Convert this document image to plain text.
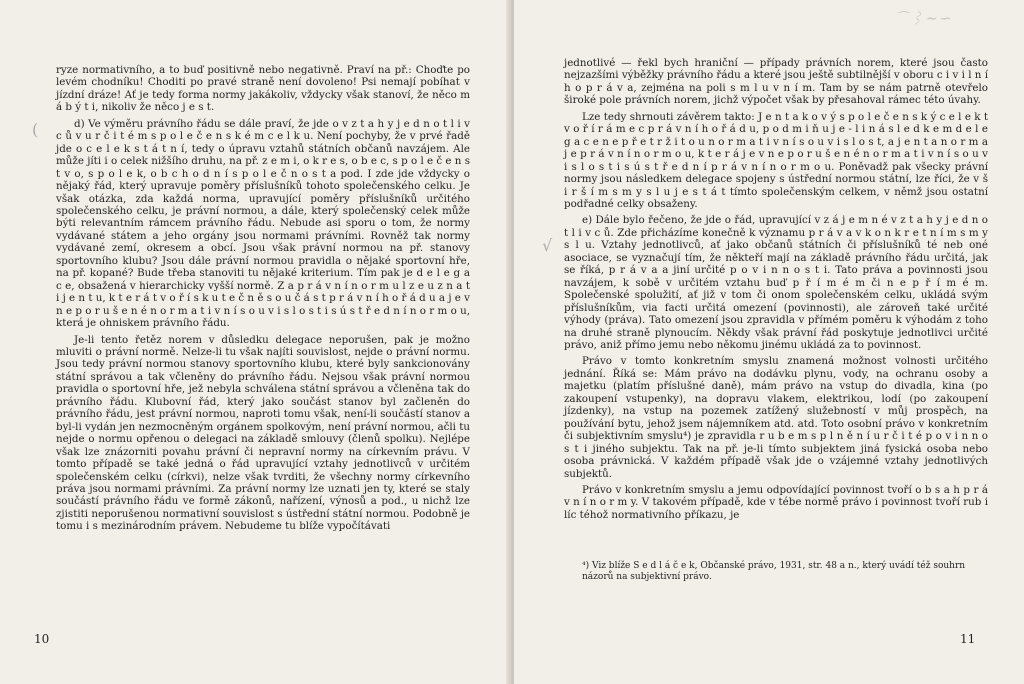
ryze normativního, a to buď positivně nebo negativně. Praví na př.: Choďte po levém chodníku! Choditi po pravé straně není dovoleno! Psi nemají pobíhat v jízdní dráze! Ať je tedy forma normy jakákoliv, vždycky však stanoví, že něco m á b ý t i, nikoliv že něco j e s t.

d) Ve výměru právního řádu se dále praví, že jde o v z t a h y j e d n o t l i v c ů v u r č i t é m s p o l e č e n s k é m c e l k u. Není pochyby, že v prvé řadě jde o c e l e k s t á t n í, tedy o úpravu vztahů státních občanů navzájem. Ale může jíti i o celek nižšího druhu, na př. z e m i, o k r e s, o b e c, s p o l e č e n s t v o, s p o l e k, o b c h o d n í s p o l e č n o s t a pod. I zde jde vždycky o nějaký řád, který upravuje poměry příslušníků tohoto společenského celku. Je však otázka, zda každá norma, upravující poměry příslušníků určitého společenského celku, je právní normou, a dále, který společenský celek může býti relevantním rámcem právního řádu. Nebude asi sporu o tom, že normy vydávané státem a jeho orgány jsou normami právními. Rovněž tak normy vydávané zemí, okresem a obcí. Jsou však právní normou na př. stanovy sportovního klubu? Jsou dále právní normou pravidla o nějaké sportovní hře, na př. kopané? Bude třeba stanoviti tu nějaké kriterium. Tím pak je d e l e g a c e, obsažená v hierarchicky vyšší normě. Z a p r á v n í n o r m u l z e u z n a t i j e n t u, k t e r á t v o ř í s k u t e č n ě s o u č á s t p r á v n í h o ř á d u a j e v n e p o r u š e n é n o r m a t i v n í s o u v i s l o s t i s ú s t ř e d n í n o r m o u, která je ohniskem právního řádu.

Je-li tento řetěz norem v důsledku delegace neporušen, pak je možno mluviti o právní normě. Nelze-li tu však najíti souvislost, nejde o právní normu. Jsou tedy právní normou stanovy sportovního klubu, které byly sankcionovány státní správou a tak včleněny do právního řádu. Nejsou však právní normou pravidla o sportovní hře, jež nebyla schválena státní správou a včleněna tak do právního řádu. Klubovní řád, který jako součást stanov byl začleněn do právního řádu, jest právní normou, naproti tomu však, není-li součástí stanov a byl-li vydán jen nezmocněným orgánem spolkovým, není právní normou, ačli tu nejde o normu opřenou o delegaci na základě smlouvy (členů spolku). Nejlépe však lze znázorniti povahu právní či nepravní normy na církevním právu. V tomto případě se také jedná o řád upravující vztahy jednotlivců v určitém společenském celku (církvi), nelze však tvrditi, že všechny normy církevního práva jsou normami právními. Za právní normy lze uznati jen ty, které se staly součástí právního řádu ve formě zákonů, nařízení, výnosů a pod., u nichž lze zjistiti neporušenou normativní souvislost s ústřední státní normou. Podobně je tomu i s mezinárodním právem. Nebudeme tu blíže vypočítávati

(
10
⌒⌇∼∽

jednotlivé — řekl bych hraniční — případy právních norem, které jsou často nejzazšími výběžky právního řádu a které jsou ještě subtilnější v oboru c i v i l n í h o p r á v a, zejména na poli s m l u v n í m. Tam by se nám patrně otevřelo široké pole právních norem, jichž výpočet však by přesahoval rámec této úvahy.

Lze tedy shrnouti závěrem takto: J e n t a k o v ý s p o l e č e n s k ý c e l e k t v o ř í r á m e c p r á v n í h o ř á d u, p o d m i ň u j e - l i n á s l e d k e m d e l e g a c e n e p ř e t r ž i t o u n o r m a t i v n í s o u v i s l o s t, a j e n t a n o r m a j e p r á v n í n o r m o u, k t e r á j e v n e p o r u š e n é n o r m a t i v n í s o u v i s l o s t i s ú s t ř e d n í p r á v n í n o r m o u. Poněvadž pak všecky právní normy jsou následkem delegace spojeny s ústřední normou státní, lze říci, že v š i r š í m s m y s l u j e s t á t tímto společenským celkem, v němž jsou ostatní podřadné celky obsaženy.

e) Dále bylo řečeno, že jde o řád, upravující v z á j e m n é v z t a h y j e d n o t l i v c ů. Zde přicházíme konečně k významu p r á v a v k o n k r e t n í m s m y s l u. Vztahy jednotlivců, ať jako občanů státních či příslušníků té neb oné asociace, se vyznačují tím, že někteří mají na základě právního řádu určitá, jak se říká, p r á v a a jiní určité p o v i n n o s t i. Tato práva a povinnosti jsou navzájem, k sobě v určitém vztahu buď p ř í m é m či n e p ř í m é m. Společenské spolužití, ať již v tom či onom společenském celku, ukládá svým příslušníkům, via facti určitá omezení (povinnosti), ale zároveň také určité výhody (práva). Tato omezení jsou zpravidla v přímém poměru k výhodám z toho na druhé straně plynoucím. Někdy však právní řád poskytuje jednotlivci určité právo, aniž přímo jemu nebo někomu jinému ukládá za to povinnost.

Právo v tomto konkretním smyslu znamená možnost volnosti určitého jednání. Říká se: Mám právo na dodávku plynu, vody, na ochranu osoby a majetku (platím příslušné daně), mám právo na vstup do divadla, kina (po zakoupení vstupenky), na dopravu vlakem, elektrikou, lodí (po zakoupení jízdenky), na vstup na pozemek zatížený služebností v můj prospěch, na používání bytu, jehož jsem nájemníkem atd. atd. Toto osobní právo v konkretním či subjektivním smyslu⁴) je zpravidla r u b e m s p l n ě n í u r č i t é p o v i n n o s t i jiného subjektu. Tak na př. je-li tímto subjektem jiná fysická osoba nebo osoba právnická. V každém případě však jde o vzájemné vztahy jednotlivých subjektů.

Právo v konkretním smyslu a jemu odpovídající povinnost tvoří o b s a h p r á v n í n o r m y. V takovém případě, kde v tébe normě právo i povinnost tvoří rub i líc téhož normativního příkazu, je

√
⁴) Viz blíže S e d l á č e k, Občanské právo, 1931, str. 48 a n., který uvádí též souhrn názorů na subjektivní právo.
11
